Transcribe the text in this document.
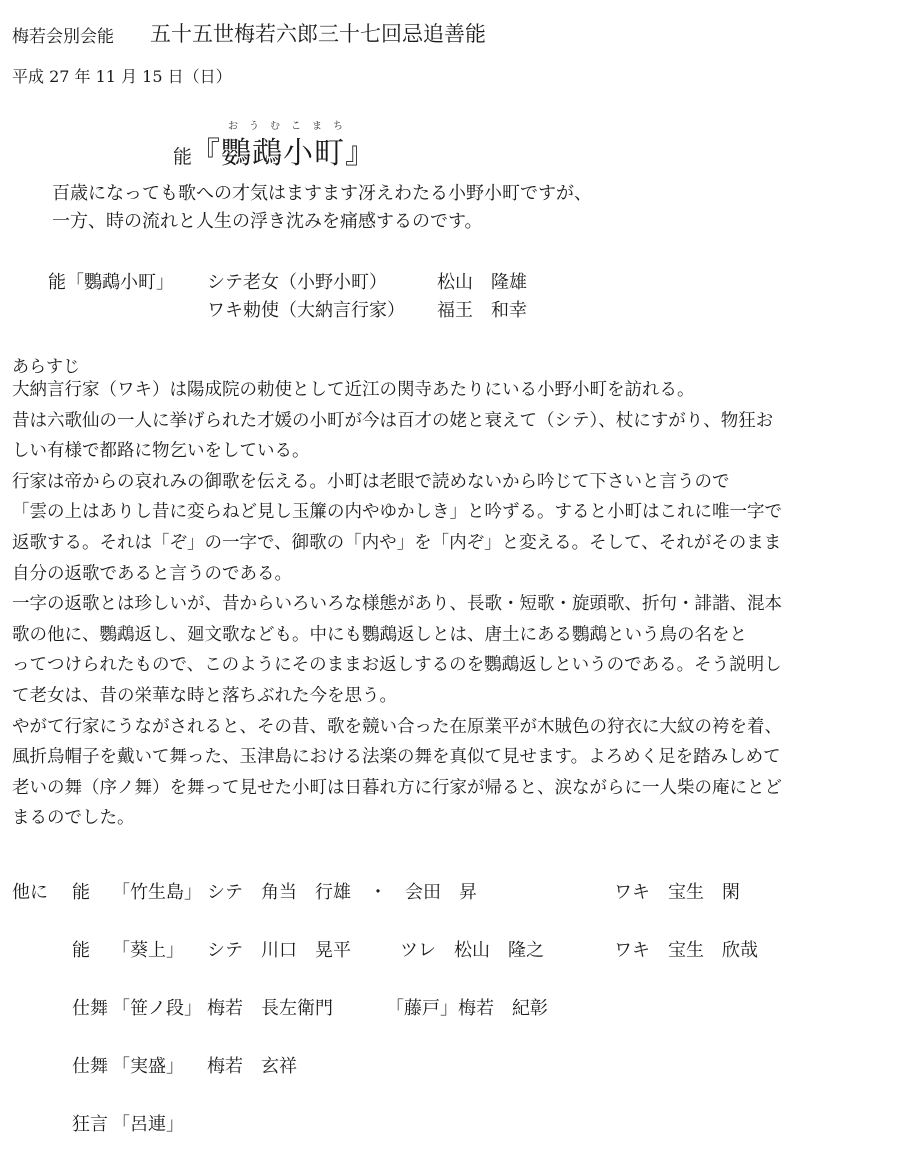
梅若会別会能 五十五世梅若六郎三十七回忌追善能
平成 27 年 11 月 15 日（日）
能
おうむこまち
『鸚鵡小町』
百歳になっても歌への才気はますます冴えわたる小野小町ですが、
一方、時の流れと人生の浮き沈みを痛感するのです。
能「鸚鵡小町」 シテ老女（小野小町）	松山　隆雄
ワキ勅使（大納言行家） 福王　和幸
あらすじ
大納言行家（ワキ）は陽成院の勅使として近江の関寺あたりにいる小野小町を訪れる。
昔は六歌仙の一人に挙げられた才媛の小町が今は百才の姥と衰えて（シテ）、杖にすがり、物狂お
しい有様で都路に物乞いをしている。
行家は帝からの哀れみの御歌を伝える。小町は老眼で読めないから吟じて下さいと言うので
「雲の上はありし昔に変らねど見し玉簾の内やゆかしき」と吟ずる。すると小町はこれに唯一字で
返歌する。それは「ぞ」の一字で、御歌の「内や」を「内ぞ」と変える。そして、それがそのまま
自分の返歌であると言うのである。
一字の返歌とは珍しいが、昔からいろいろな様態があり、長歌・短歌・旋頭歌、折句・誹諧、混本
歌の他に、鸚鵡返し、廻文歌なども。中にも鸚鵡返しとは、唐土にある鸚鵡という鳥の名をと
ってつけられたもので、このようにそのままお返しするのを鸚鵡返しというのである。そう説明し
て老女は、昔の栄華な時と落ちぶれた今を思う。
やがて行家にうながされると、その昔、歌を競い合った在原業平が木賊色の狩衣に大紋の袴を着、
風折烏帽子を戴いて舞った、玉津島における法楽の舞を真似て見せます。よろめく足を踏みしめて
老いの舞（序ノ舞）を舞って見せた小町は日暮れ方に行家が帰ると、涙ながらに一人柴の庵にとど
まるのでした。
他に 能 「竹生島」 シテ　角当　行雄　・　会田　昇	ワキ　宝生　閑
能 「葵上」 シテ　川口　晃平	ツレ　松山　隆之	ワキ　宝生　欣哉
仕舞 「笹ノ段」 梅若　長左衛門	「藤戸」 梅若　紀彰
仕舞 「実盛」 梅若　玄祥
狂言 「呂連」
